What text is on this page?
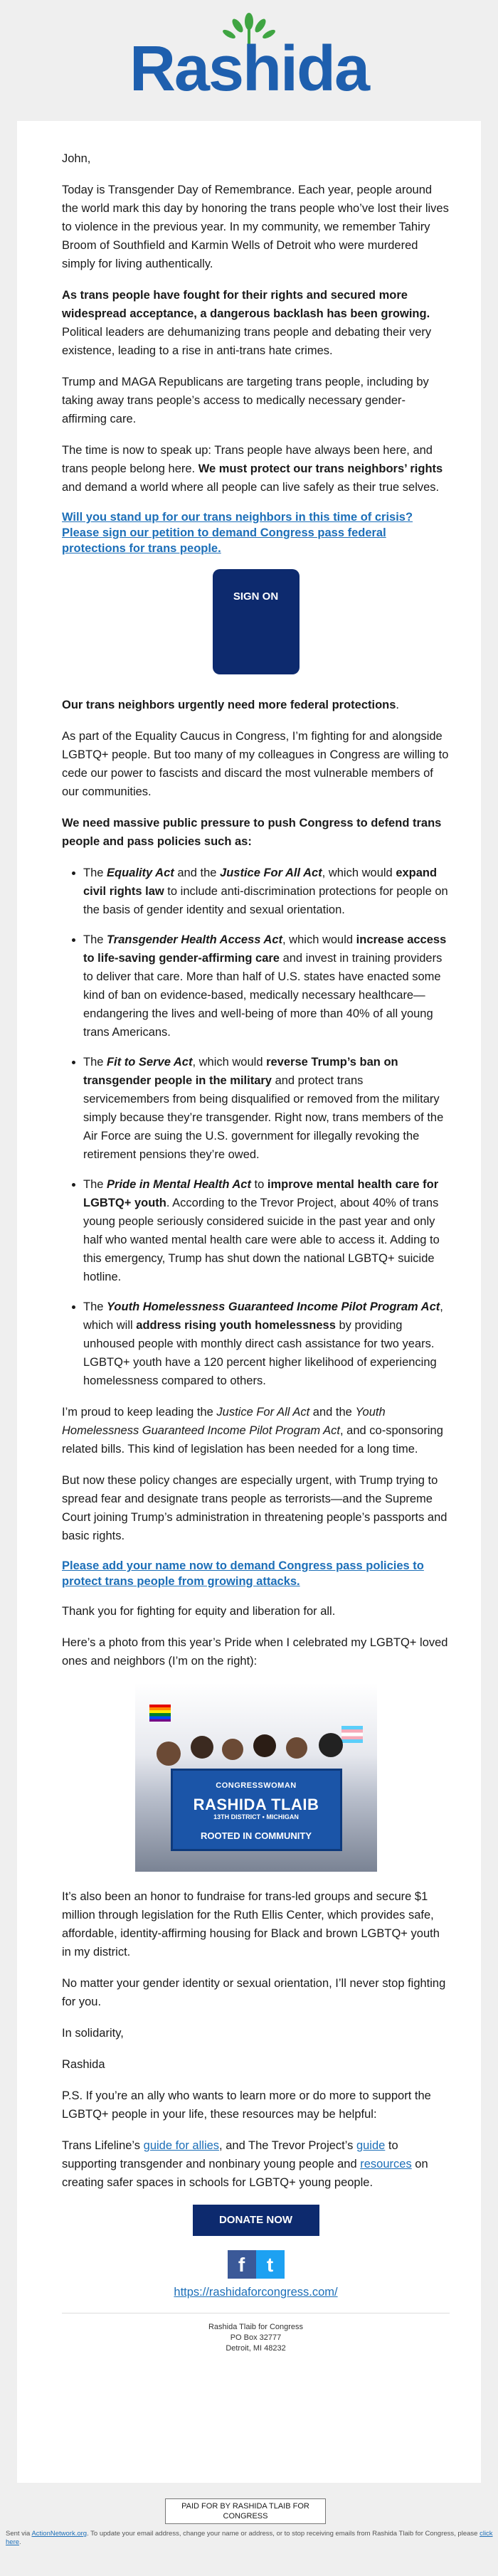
Rashida

John,

Today is Transgender Day of Remembrance. Each year, people around the world mark this day by honoring the trans people who’ve lost their lives to violence in the previous year. In my community, we remember Tahiry Broom of Southfield and Karmin Wells of Detroit who were murdered simply for living authentically.

As trans people have fought for their rights and secured more widespread acceptance, a dangerous backlash has been growing. Political leaders are dehumanizing trans people and debating their very existence, leading to a rise in anti-trans hate crimes.

Trump and MAGA Republicans are targeting trans people, including by taking away trans people’s access to medically necessary gender-affirming care.

The time is now to speak up: Trans people have always been here, and trans people belong here. We must protect our trans neighbors’ rights and demand a world where all people can live safely as their true selves.

Will you stand up for our trans neighbors in this time of crisis? Please sign our petition to demand Congress pass federal protections for trans people.

SIGN ON

Our trans neighbors urgently need more federal protections.

As part of the Equality Caucus in Congress, I’m fighting for and alongside LGBTQ+ people. But too many of my colleagues in Congress are willing to cede our power to fascists and discard the most vulnerable members of our communities.

We need massive public pressure to push Congress to defend trans people and pass policies such as:

• The Equality Act and the Justice For All Act, which would expand civil rights law to include anti-discrimination protections for people on the basis of gender identity and sexual orientation.
• The Transgender Health Access Act, which would increase access to life-saving gender-affirming care and invest in training providers to deliver that care. More than half of U.S. states have enacted some kind of ban on evidence-based, medically necessary healthcare—endangering the lives and well-being of more than 40% of all young trans Americans.
• The Fit to Serve Act, which would reverse Trump’s ban on transgender people in the military and protect trans servicemembers from being disqualified or removed from the military simply because they’re transgender. Right now, trans members of the Air Force are suing the U.S. government for illegally revoking the retirement pensions they’re owed.
• The Pride in Mental Health Act to improve mental health care for LGBTQ+ youth. According to the Trevor Project, about 40% of trans young people seriously considered suicide in the past year and only half who wanted mental health care were able to access it. Adding to this emergency, Trump has shut down the national LGBTQ+ suicide hotline.
• The Youth Homelessness Guaranteed Income Pilot Program Act, which will address rising youth homelessness by providing unhoused people with monthly direct cash assistance for two years. LGBTQ+ youth have a 120 percent higher likelihood of experiencing homelessness compared to others.

I’m proud to keep leading the Justice For All Act and the Youth Homelessness Guaranteed Income Pilot Program Act, and co-sponsoring related bills. This kind of legislation has been needed for a long time.

But now these policy changes are especially urgent, with Trump trying to spread fear and designate trans people as terrorists—and the Supreme Court joining Trump’s administration in threatening people’s passports and basic rights.

Please add your name now to demand Congress pass policies to protect trans people from growing attacks.

Thank you for fighting for equity and liberation for all.

Here’s a photo from this year’s Pride when I celebrated my LGBTQ+ loved ones and neighbors (I’m on the right):

CONGRESSWOMAN
RASHIDA TLAIB
13TH DISTRICT • MICHIGAN
ROOTED IN COMMUNITY

It’s also been an honor to fundraise for trans-led groups and secure $1 million through legislation for the Ruth Ellis Center, which provides safe, affordable, identity-affirming housing for Black and brown LGBTQ+ youth in my district.

No matter your gender identity or sexual orientation, I’ll never stop fighting for you.

In solidarity,

Rashida

P.S. If you’re an ally who wants to learn more or do more to support the LGBTQ+ people in your life, these resources may be helpful:

Trans Lifeline’s guide for allies, and The Trevor Project’s guide to supporting transgender and nonbinary young people and resources on creating safer spaces in schools for LGBTQ+ young people.

DONATE NOW
f t
https://rashidaforcongress.com/
Rashida Tlaib for Congress
PO Box 32777
Detroit, MI 48232
PAID FOR BY RASHIDA TLAIB FOR CONGRESS
Sent via ActionNetwork.org. To update your email address, change your name or address, or to stop receiving emails from Rashida Tlaib for Congress, please click here.
